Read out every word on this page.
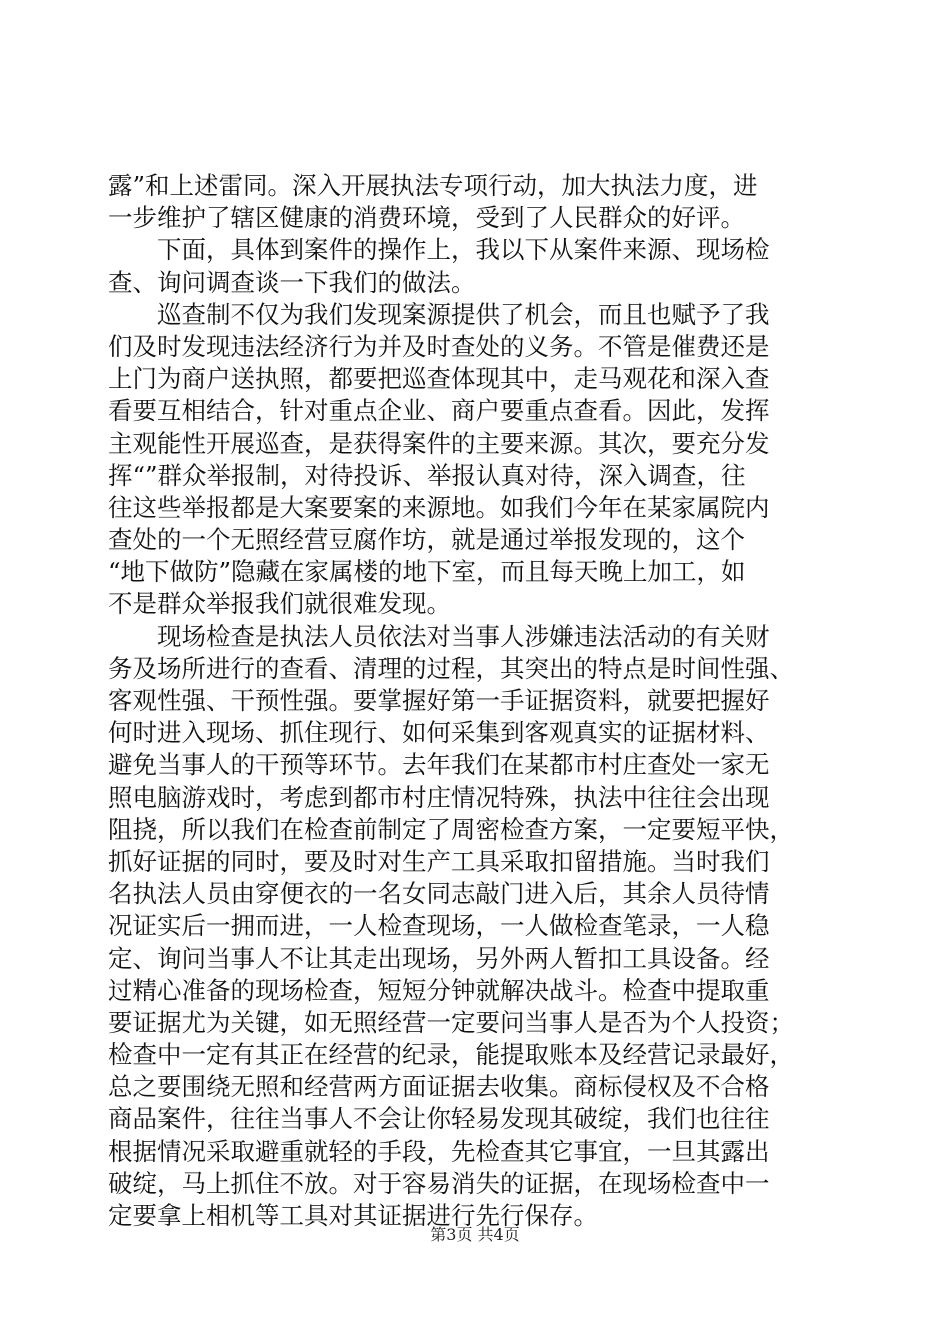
露”和上述雷同。深入开展执法专项行动，加大执法力度，进
一步维护了辖区健康的消费环境，受到了人民群众的好评。
　　下面，具体到案件的操作上，我以下从案件来源、现场检
查、询问调查谈一下我们的做法。
　　巡查制不仅为我们发现案源提供了机会，而且也赋予了我
们及时发现违法经济行为并及时查处的义务。不管是催费还是
上门为商户送执照，都要把巡查体现其中，走马观花和深入查
看要互相结合，针对重点企业、商户要重点查看。因此，发挥
主观能性开展巡查，是获得案件的主要来源。其次，要充分发
挥“”群众举报制，对待投诉、举报认真对待，深入调查，往
往这些举报都是大案要案的来源地。如我们今年在某家属院内
查处的一个无照经营豆腐作坊，就是通过举报发现的，这个
“地下做防”隐藏在家属楼的地下室，而且每天晚上加工，如
不是群众举报我们就很难发现。
　　现场检查是执法人员依法对当事人涉嫌违法活动的有关财
务及场所进行的查看、清理的过程，其突出的特点是时间性强、
客观性强、干预性强。要掌握好第一手证据资料，就要把握好
何时进入现场、抓住现行、如何采集到客观真实的证据材料、
避免当事人的干预等环节。去年我们在某都市村庄查处一家无
照电脑游戏时，考虑到都市村庄情况特殊，执法中往往会出现
阻挠，所以我们在检查前制定了周密检查方案，一定要短平快，
抓好证据的同时，要及时对生产工具采取扣留措施。当时我们
名执法人员由穿便衣的一名女同志敲门进入后，其余人员待情
况证实后一拥而进，一人检查现场，一人做检查笔录，一人稳
定、询问当事人不让其走出现场，另外两人暂扣工具设备。经
过精心准备的现场检查，短短分钟就解决战斗。检查中提取重
要证据尤为关键，如无照经营一定要问当事人是否为个人投资；
检查中一定有其正在经营的纪录，能提取账本及经营记录最好，
总之要围绕无照和经营两方面证据去收集。商标侵权及不合格
商品案件，往往当事人不会让你轻易发现其破绽，我们也往往
根据情况采取避重就轻的手段，先检查其它事宜，一旦其露出
破绽，马上抓住不放。对于容易消失的证据，在现场检查中一
定要拿上相机等工具对其证据进行先行保存。
第3页 共4页
